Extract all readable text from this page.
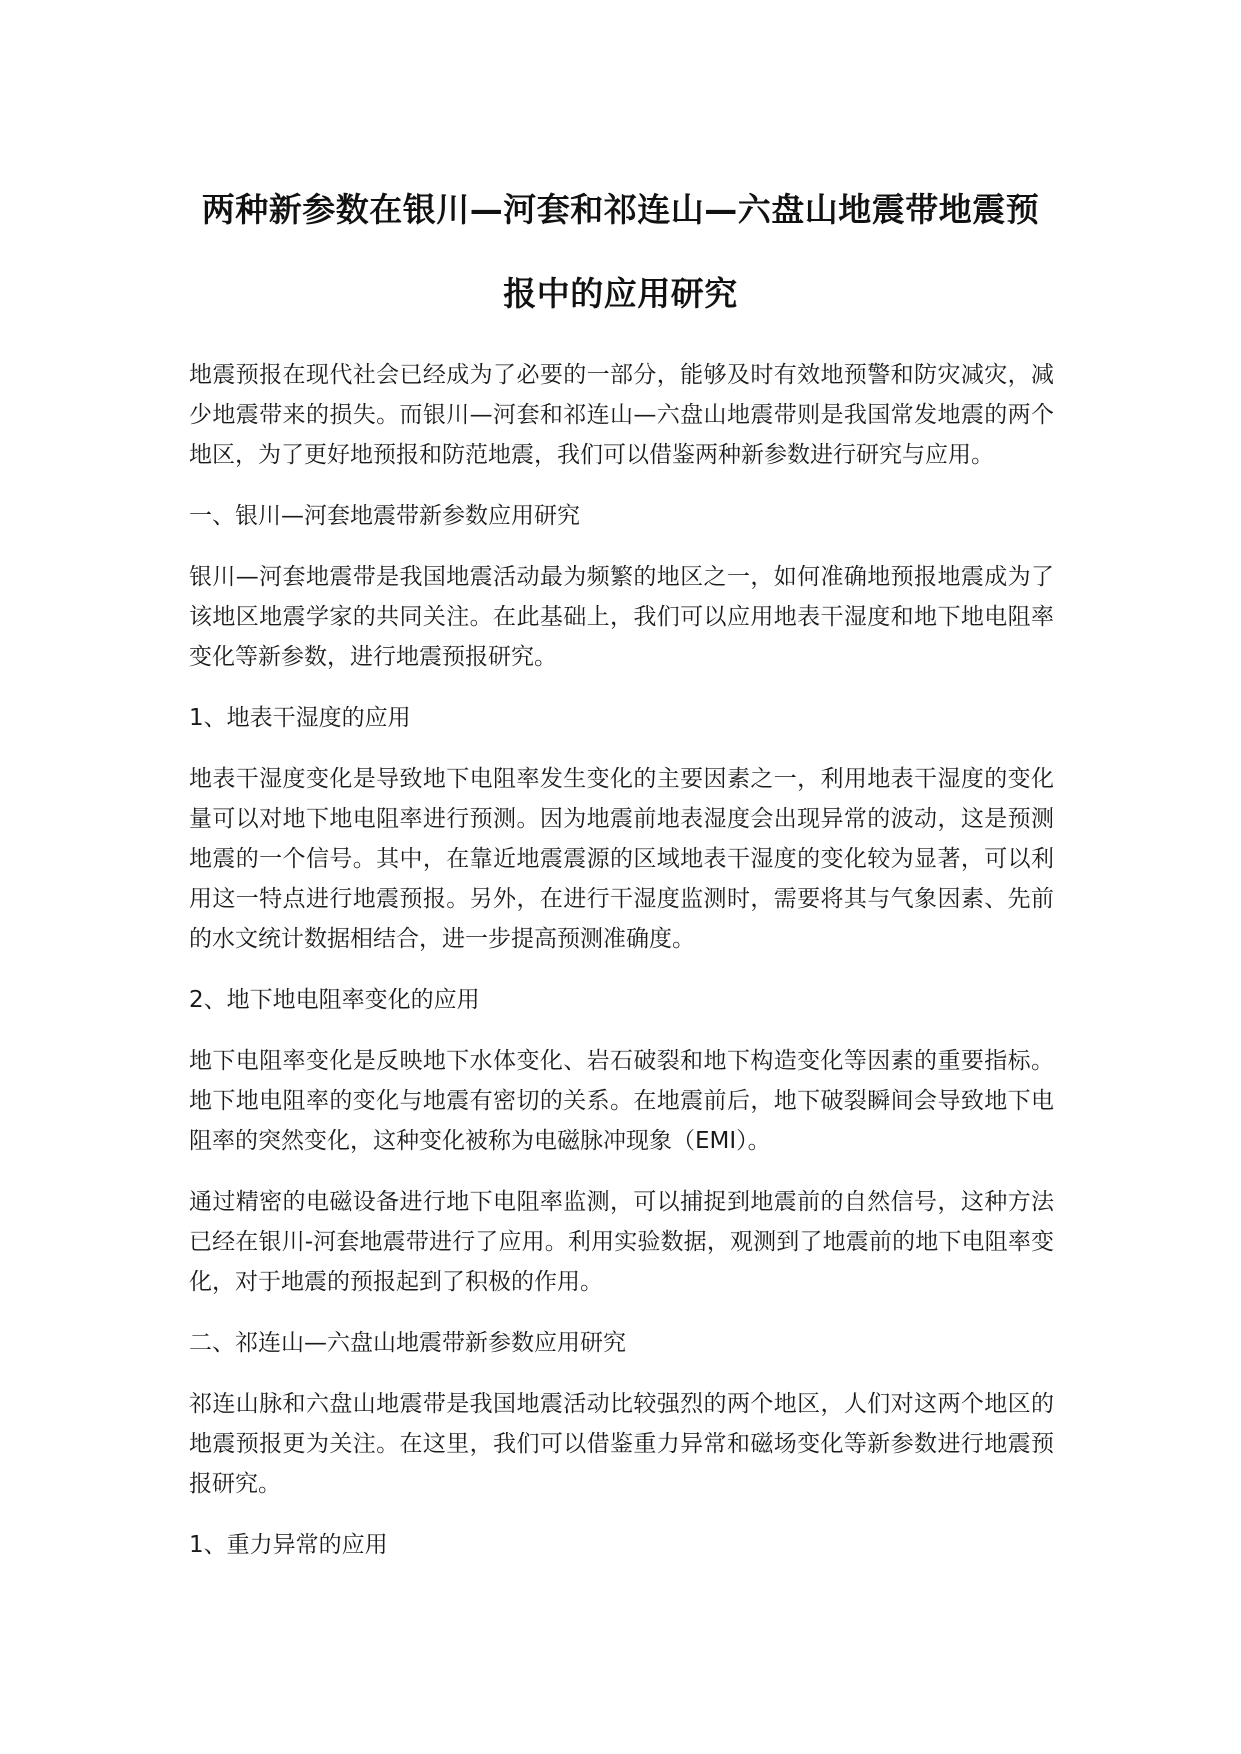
两种新参数在银川—河套和祁连山—六盘山地震带地震预
报中的应用研究

地震预报在现代社会已经成为了必要的一部分，能够及时有效地预警和防灾减灾，减少地震带来的损失。而银川—河套和祁连山—六盘山地震带则是我国常发地震的两个地区，为了更好地预报和防范地震，我们可以借鉴两种新参数进行研究与应用。

一、银川—河套地震带新参数应用研究

银川—河套地震带是我国地震活动最为频繁的地区之一，如何准确地预报地震成为了该地区地震学家的共同关注。在此基础上，我们可以应用地表干湿度和地下地电阻率变化等新参数，进行地震预报研究。

1、地表干湿度的应用

地表干湿度变化是导致地下电阻率发生变化的主要因素之一，利用地表干湿度的变化量可以对地下地电阻率进行预测。因为地震前地表湿度会出现异常的波动，这是预测地震的一个信号。其中，在靠近地震震源的区域地表干湿度的变化较为显著，可以利用这一特点进行地震预报。另外，在进行干湿度监测时，需要将其与气象因素、先前的水文统计数据相结合，进一步提高预测准确度。

2、地下地电阻率变化的应用

地下电阻率变化是反映地下水体变化、岩石破裂和地下构造变化等因素的重要指标。地下地电阻率的变化与地震有密切的关系。在地震前后，地下破裂瞬间会导致地下电阻率的突然变化，这种变化被称为电磁脉冲现象（EMI）。

通过精密的电磁设备进行地下电阻率监测，可以捕捉到地震前的自然信号，这种方法已经在银川-河套地震带进行了应用。利用实验数据，观测到了地震前的地下电阻率变化，对于地震的预报起到了积极的作用。

二、祁连山—六盘山地震带新参数应用研究

祁连山脉和六盘山地震带是我国地震活动比较强烈的两个地区，人们对这两个地区的地震预报更为关注。在这里，我们可以借鉴重力异常和磁场变化等新参数进行地震预报研究。

1、重力异常的应用
